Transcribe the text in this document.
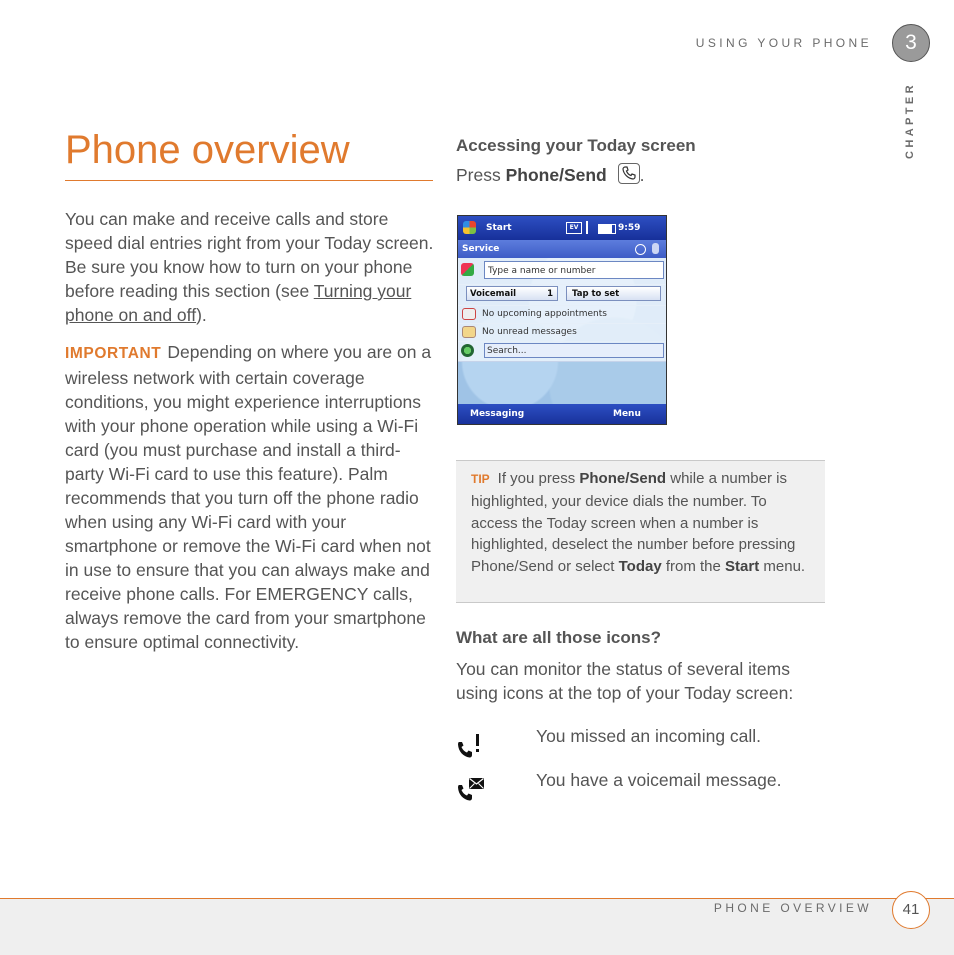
USING YOUR PHONE	3
CHAPTER
Phone overview

You can make and receive calls and store speed dial entries right from your Today screen. Be sure you know how to turn on your phone before reading this section (see Turning your phone on and off).

IMPORTANT Depending on where you are on a wireless network with certain coverage conditions, you might experience interruptions with your phone operation while using a Wi-Fi card (you must purchase and install a third-party Wi-Fi card to use this feature). Palm recommends that you turn off the phone radio when using any Wi-Fi card with your smartphone or remove the Wi-Fi card when not in use to ensure that you can always make and receive phone calls. For EMERGENCY calls, always remove the card from your smartphone to ensure optimal connectivity.

Accessing your Today screen
Press Phone/Send .
Start	EV	9:59
Service
Type a name or number
Voicemail	1	Tap to set
No upcoming appointments
No unread messages
Search...
Messaging	Menu
TIP If you press Phone/Send while a number is highlighted, your device dials the number. To access the Today screen when a number is highlighted, deselect the number before pressing Phone/Send or select Today from the Start menu.
What are all those icons?

You can monitor the status of several items using icons at the top of your Today screen:

You missed an incoming call.
You have a voicemail message.
PHONE OVERVIEW	41
